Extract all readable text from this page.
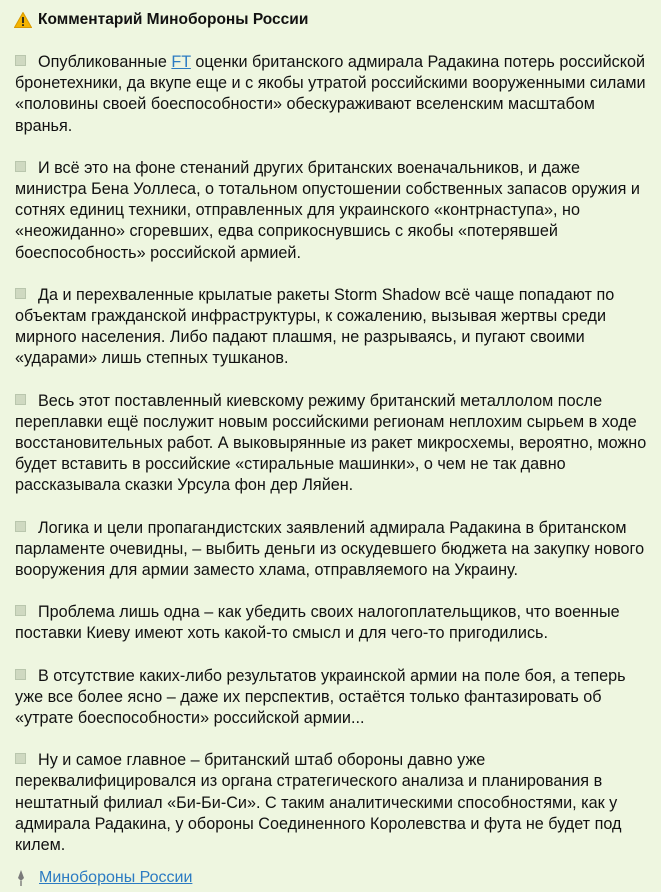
Комментарий Минобороны России

Опубликованные FT оценки британского адмирала Радакина потерь российской бронетехники, да вкупе еще и с якобы утратой российскими вооруженными силами «половины своей боеспособности» обескураживают вселенским масштабом вранья.

И всё это на фоне стенаний других британских военачальников, и даже министра Бена Уоллеса, о тотальном опустошении собственных запасов оружия и сотнях единиц техники, отправленных для украинского «контрнаступа», но «неожиданно» сгоревших, едва соприкоснувшись с якобы «потерявшей боеспособность» российской армией.

Да и перехваленные крылатые ракеты Storm Shadow всё чаще попадают по объектам гражданской инфраструктуры, к сожалению, вызывая жертвы среди мирного населения. Либо падают плашмя, не разрываясь, и пугают своими «ударами» лишь степных тушканов.

Весь этот поставленный киевскому режиму британский металлолом после переплавки ещё послужит новым российскими регионам неплохим сырьем в ходе восстановительных работ. А выковырянные из ракет микросхемы, вероятно, можно будет вставить в российские «стиральные машинки», о чем не так давно рассказывала сказки Урсула фон дер Ляйен.

Логика и цели пропагандистских заявлений адмирала Радакина в британском парламенте очевидны, – выбить деньги из оскудевшего бюджета на закупку нового вооружения для армии заместо хлама, отправляемого на Украину.

Проблема лишь одна – как убедить своих налогоплательщиков, что военные поставки Киеву имеют хоть какой-то смысл и для чего-то пригодились.

В отсутствие каких-либо результатов украинской армии на поле боя, а теперь уже все более ясно – даже их перспектив, остаётся только фантазировать об «утрате боеспособности» российской армии...

Ну и самое главное – британский штаб обороны давно уже переквалифицировался из органа стратегического анализа и планирования в нештатный филиал «Би-Би-Си». С таким аналитическими способностями, как у адмирала Радакина, у обороны Соединенного Королевства и фута не будет под килем.

Минобороны России
